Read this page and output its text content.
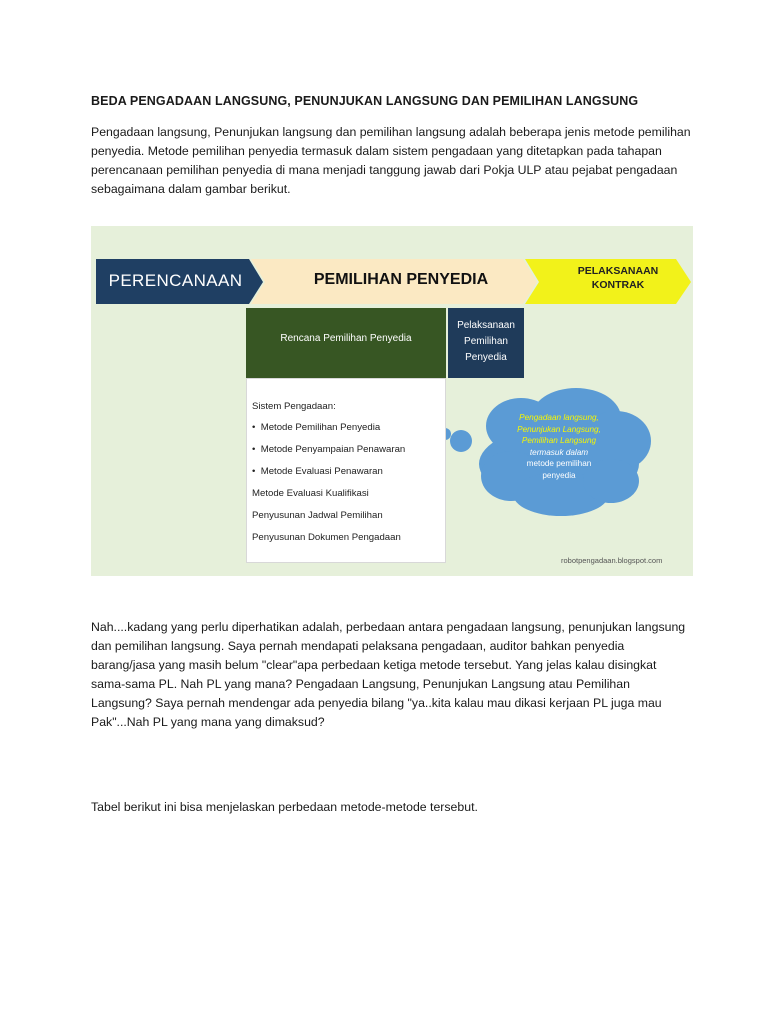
BEDA PENGADAAN LANGSUNG, PENUNJUKAN LANGSUNG DAN PEMILIHAN LANGSUNG
Pengadaan langsung, Penunjukan langsung dan pemilihan langsung adalah beberapa jenis metode pemilihan penyedia. Metode pemilihan penyedia termasuk dalam sistem pengadaan yang ditetapkan pada tahapan perencanaan pemilihan penyedia di mana menjadi tanggung jawab dari Pokja ULP atau pejabat pengadaan sebagaimana dalam gambar berikut.
PERENCANAAN	PEMILIHAN PENYEDIA	PELAKSANAAN
KONTRAK
Rencana Pemilihan Penyedia
Pelaksanaan
Pemilihan
Penyedia
Sistem Pengadaan:
• Metode Pemilihan Penyedia
• Metode Penyampaian Penawaran
• Metode Evaluasi Penawaran
Metode Evaluasi Kualifikasi
Penyusunan Jadwal Pemilihan
Penyusunan Dokumen Pengadaan
Pengadaan langsung,
Penunjukan Langsung,
Pemilihan Langsung
termasuk dalam
metode pemilihan
penyedia
robotpengadaan.blogspot.com
Nah....kadang yang perlu diperhatikan adalah, perbedaan antara pengadaan langsung, penunjukan langsung dan pemilihan langsung. Saya pernah mendapati pelaksana pengadaan, auditor bahkan penyedia barang/jasa yang masih belum "clear"apa perbedaan ketiga metode tersebut. Yang jelas kalau disingkat sama-sama PL. Nah PL yang mana? Pengadaan Langsung, Penunjukan Langsung atau Pemilihan Langsung? Saya pernah mendengar ada penyedia bilang "ya..kita kalau mau dikasi kerjaan PL juga mau Pak"...Nah PL yang mana yang dimaksud?
Tabel berikut ini bisa menjelaskan perbedaan metode-metode tersebut.
